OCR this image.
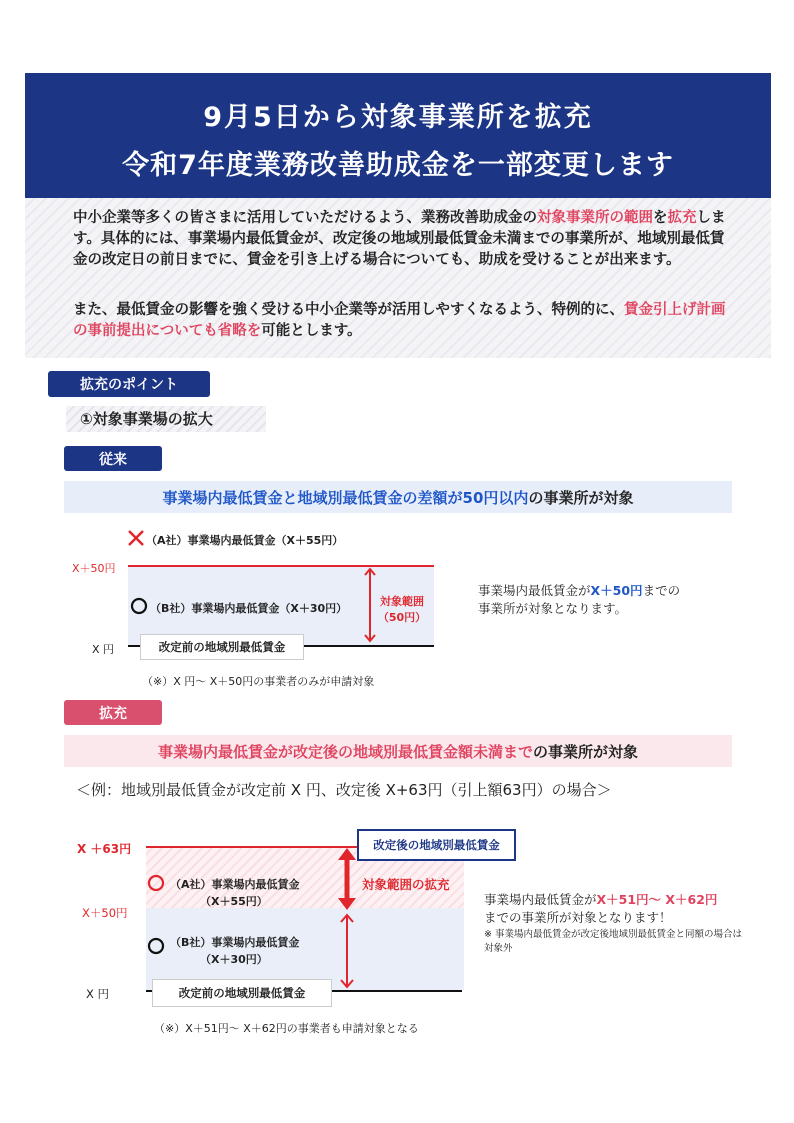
9月5日から対象事業所を拡充
令和7年度業務改善助成金を一部変更します

中小企業等多くの皆さまに活用していただけるよう、業務改善助成金の対象事業所の範囲を拡充します。具体的には、事業場内最低賃金が、改定後の地域別最低賃金未満までの事業所が、地域別最低賃金の改定日の前日までに、賃金を引き上げる場合についても、助成を受けることが出来ます。

また、最低賃金の影響を強く受ける中小企業等が活用しやすくなるよう、特例的に、賃金引上げ計画の事前提出についても省略を可能とします。

拡充のポイント
①対象事業場の拡大
従来
事業場内最低賃金と地域別最低賃金の差額が50円以内 の事業所が対象
（A社）事業場内最低賃金（X＋55円）
X＋50円
（B社）事業場内最低賃金（X＋30円）
対象範囲
（50円）
X 円	改定前の地域別最低賃金
事業場内最低賃金がX＋50円までの
事業所が対象となります。
（※）X 円～ X＋50円の事業者のみが申請対象
拡充
事業場内最低賃金が改定後の地域別最低賃金額未満まで の事業所が対象
＜例：地域別最低賃金が改定前 X 円、改定後 X+63円（引上額63円）の場合＞
X ＋63円
X＋50円
改定後の地域別最低賃金
対象範囲の拡充
（A社）事業場内最低賃金
（X＋55円）
（B社）事業場内最低賃金
（X＋30円）
X 円	改定前の地域別最低賃金
事業場内最低賃金がX＋51円～ X＋62円
までの事業所が対象となります！
※ 事業場内最低賃金が改定後地域別最低賃金と同額の場合は対象外
（※）X＋51円～ X＋62円の事業者も申請対象となる
